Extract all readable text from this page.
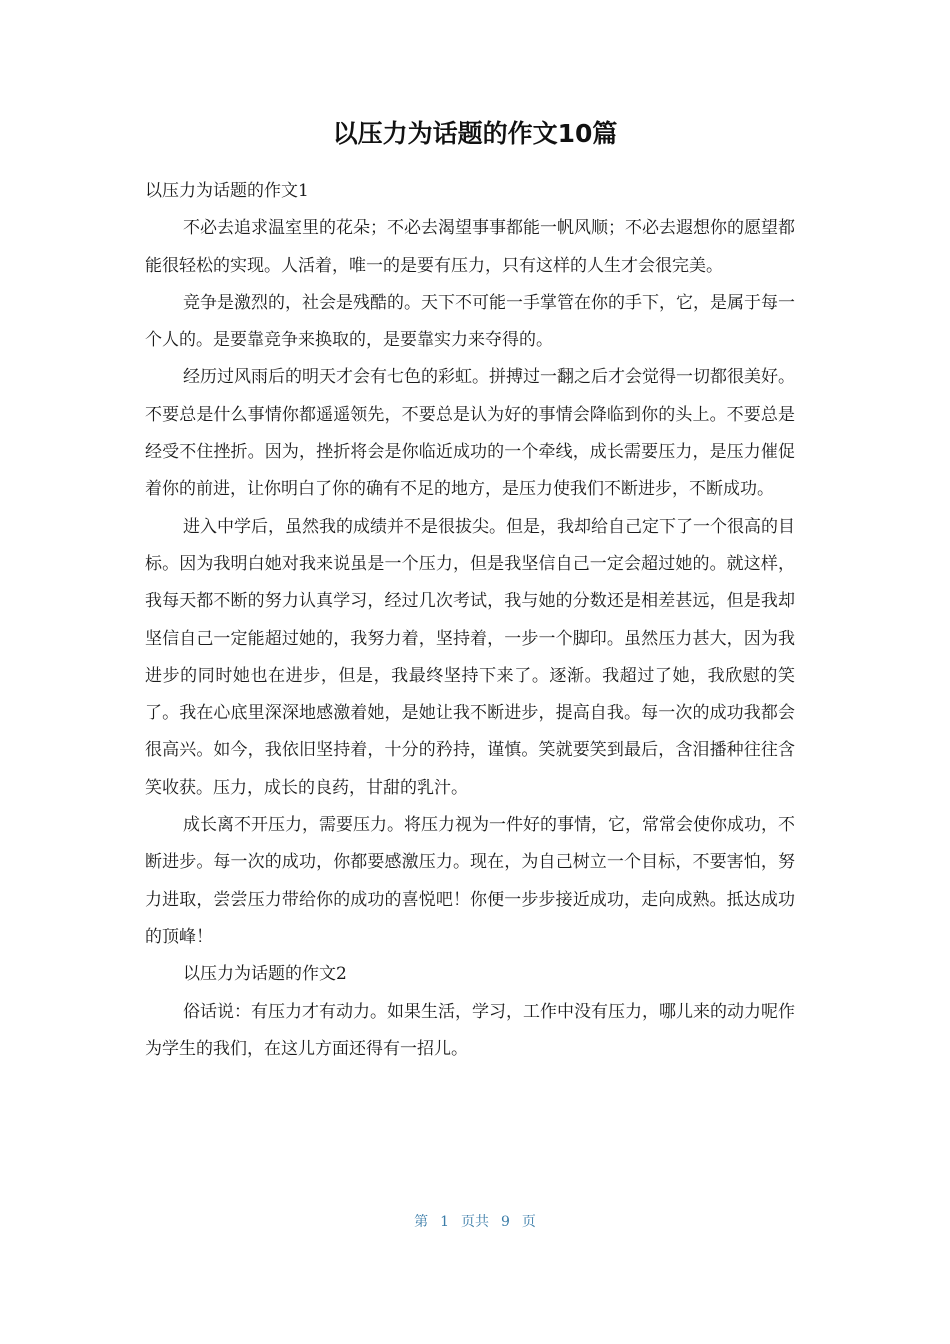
以压力为话题的作文10篇

以压力为话题的作文1

不必去追求温室里的花朵；不必去渴望事事都能一帆风顺；不必去遐想你的愿望都能很轻松的实现。人活着，唯一的是要有压力，只有这样的人生才会很完美。

竞争是激烈的，社会是残酷的。天下不可能一手掌管在你的手下，它，是属于每一个人的。是要靠竞争来换取的，是要靠实力来夺得的。

经历过风雨后的明天才会有七色的彩虹。拼搏过一翻之后才会觉得一切都很美好。不要总是什么事情你都遥遥领先，不要总是认为好的事情会降临到你的头上。不要总是经受不住挫折。因为，挫折将会是你临近成功的一个牵线，成长需要压力，是压力催促着你的前进，让你明白了你的确有不足的地方，是压力使我们不断进步，不断成功。

进入中学后，虽然我的成绩并不是很拔尖。但是，我却给自己定下了一个很高的目标。因为我明白她对我来说虽是一个压力，但是我坚信自己一定会超过她的。就这样，我每天都不断的努力认真学习，经过几次考试，我与她的分数还是相差甚远，但是我却坚信自己一定能超过她的，我努力着，坚持着，一步一个脚印。虽然压力甚大，因为我进步的同时她也在进步，但是，我最终坚持下来了。逐渐。我超过了她，我欣慰的笑了。我在心底里深深地感激着她，是她让我不断进步，提高自我。每一次的成功我都会很高兴。如今，我依旧坚持着，十分的矜持，谨慎。笑就要笑到最后，含泪播种往往含笑收获。压力，成长的良药，甘甜的乳汁。

成长离不开压力，需要压力。将压力视为一件好的事情，它，常常会使你成功，不断进步。每一次的成功，你都要感激压力。现在，为自己树立一个目标，不要害怕，努力进取，尝尝压力带给你的成功的喜悦吧！你便一步步接近成功，走向成熟。抵达成功的顶峰！

以压力为话题的作文2

俗话说：有压力才有动力。如果生活，学习，工作中没有压力，哪儿来的动力呢作为学生的我们，在这儿方面还得有一招儿。

第 1 页共 9 页
